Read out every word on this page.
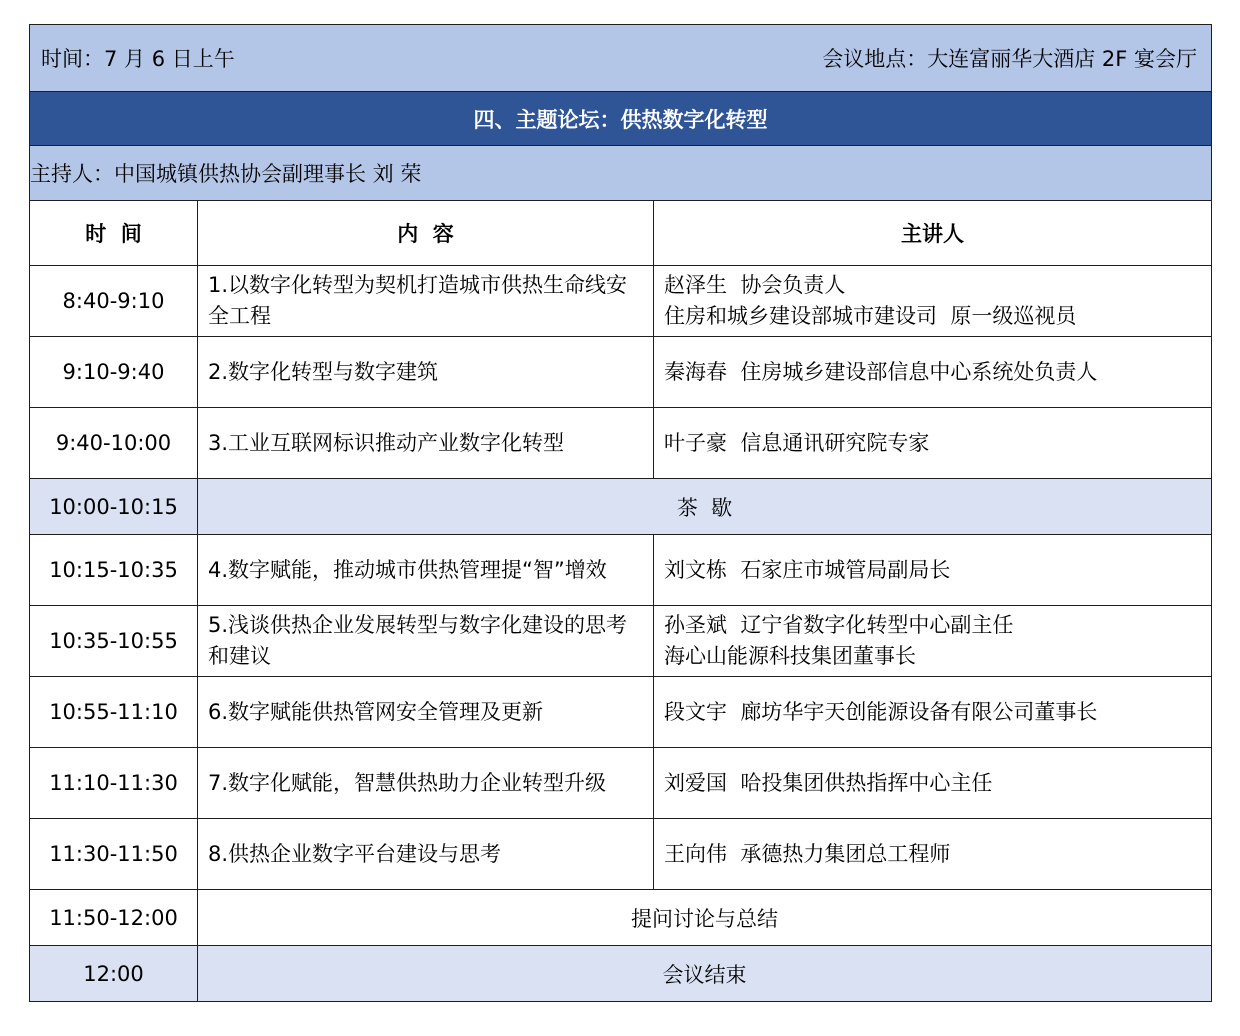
时间：7 月 6 日上午 会议地点：大连富丽华大酒店 2F 宴会厅		

四、主题论坛：供热数字化转型		
主持人：中国城镇供热协会副理事长 刘 荣		
时  间	内  容	主讲人
8:40-9:10	1.以数字化转型为契机打造城市供热生命线安全工程	赵泽生  协会负责人
住房和城乡建设部城市建设司  原一级巡视员

9:10-9:40	2.数字化转型与数字建筑	秦海春  住房城乡建设部信息中心系统处负责人

9:40-10:00	3.工业互联网标识推动产业数字化转型	叶子豪  信息通讯研究院专家

10:00-10:15	茶  歇	
10:15-10:35	4.数字赋能，推动城市供热管理提“智”增效	刘文栋  石家庄市城管局副局长

10:35-10:55	5.浅谈供热企业发展转型与数字化建设的思考和建议	孙圣斌  辽宁省数字化转型中心副主任
海心山能源科技集团董事长

10:55-11:10	6.数字赋能供热管网安全管理及更新	段文宇  廊坊华宇天创能源设备有限公司董事长

11:10-11:30	7.数字化赋能，智慧供热助力企业转型升级	刘爱国  哈投集团供热指挥中心主任

11:30-11:50	8.供热企业数字平台建设与思考	王向伟  承德热力集团总工程师

11:50-12:00	提问讨论与总结	
12:00	会议结束	
